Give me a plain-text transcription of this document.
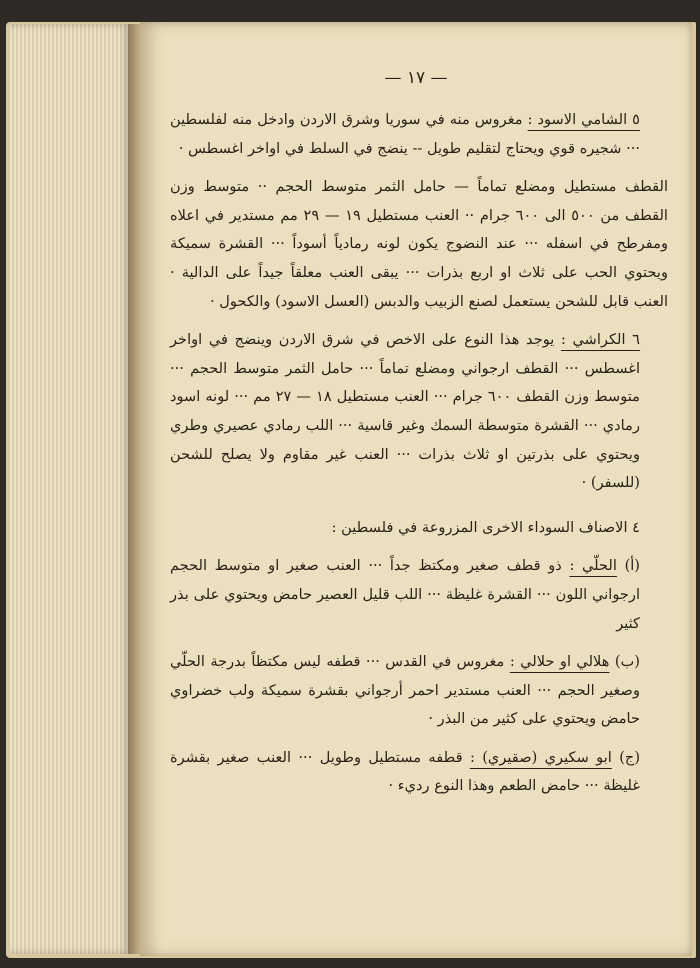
— ١٧ —

٥ الشامي الاسود : مغروس منه في سوريا وشرق الاردن وادخل منه لفلسطين ··· شجيره قوي ويحتاج لتقليم طويل -- ينضج في السلط في اواخر اغسطس ·

القطف مستطيل ومضلع تماماً — حامل الثمر متوسط الحجم ·· متوسط وزن القطف من ٥٠٠ الى ٦٠٠ جرام ·· العنب مستطيل ١٩ — ٢٩ مم مستدير في اعلاه ومفرطح في اسفله ··· عند النضوج يكون لونه رمادياً أسوداً ··· القشرة سميكة ويحتوي الحب على ثلاث او اربع بذرات ··· يبقى العنب معلقاً جيداً على الدالية · العنب قابل للشحن يستعمل لصنع الزبيب والدبس (العسل الاسود) والكحول ·

٦ الكراشي : يوجد هذا النوع على الاخص في شرق الاردن وينضج في اواخر اغسطس ··· القطف ارجواني ومضلع تماماً ··· حامل الثمر متوسط الحجم ··· متوسط وزن القطف ٦٠٠ جرام ··· العنب مستطيل ١٨ — ٢٧ مم ··· لونه اسود رمادي ··· القشرة متوسطة السمك وغير قاسية ··· اللب رمادي عصيري وطري ويحتوي على بذرتين او ثلاث بذرات ··· العنب غير مقاوم ولا يصلح للشحن (للسفر) ·

٤ الاصناف السوداء الاخرى المزروعة في فلسطين :

(أ) الحلّي : ذو قطف صغير ومكتظ جداً ··· العنب صغير او متوسط الحجم ارجواني اللون ··· القشرة غليظة ··· اللب قليل العصير حامض ويحتوي على بذر كثير

(ب) هلالي او حلالي : مغروس في القدس ··· قطفه ليس مكتظاً بدرجة الحلّي وصغير الحجم ··· العنب مستدير احمر أرجواني بقشرة سميكة ولب خضراوي حامض ويحتوي على كثير من البذر ·

(ج) ابو سكيري (صقيري) : قطفه مستطيل وطويل ··· العنب صغير بقشرة غليظة ··· حامض الطعم وهذا النوع رديء ·
